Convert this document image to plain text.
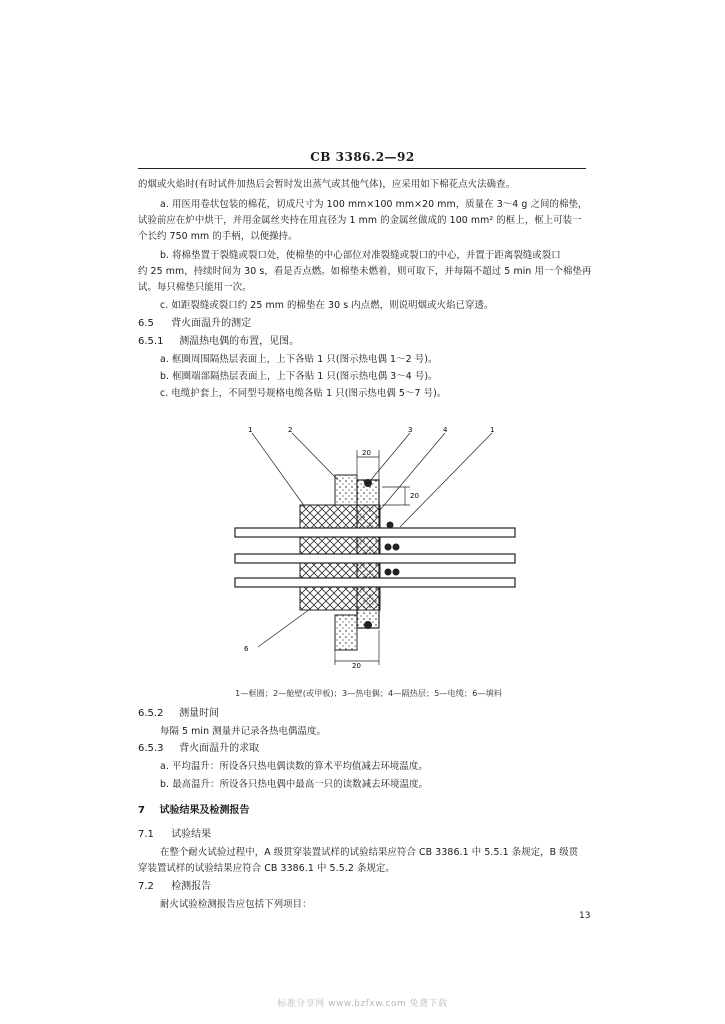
CB 3386.2—92
的烟或火焰时(有时试件加热后会暂时发出蒸气或其他气体)，应采用如下棉花点火法确查。
a. 用医用卷状包装的棉花，切成尺寸为 100 mm×100 mm×20 mm，质量在 3～4 g 之间的棉垫，
试验前应在炉中烘干，并用金属丝夹持在用直径为 1 mm 的金属丝做成的 100 mm² 的框上，框上可装一
个长约 750 mm 的手柄，以便操持。
b. 将棉垫置于裂缝或裂口处，使棉垫的中心部位对准裂缝或裂口的中心，并置于距离裂缝或裂口
约 25 mm，持续时间为 30 s，看是否点燃。如棉垫未燃着，则可取下，并每隔不超过 5 min 用一个棉垫再
试。每只棉垫只能用一次。
c. 如距裂缝或裂口约 25 mm 的棉垫在 30 s 内点燃，则说明烟或火焰已穿透。
6.5 背火面温升的测定
6.5.1 测温热电偶的布置，见图。
a. 框圈周围隔热层表面上，上下各贴 1 只(图示热电偶 1～2 号)。
b. 框圈端部隔热层表面上，上下各贴 1 只(图示热电偶 3～4 号)。
c. 电缆护套上，不同型号规格电缆各贴 1 只(图示热电偶 5～7 号)。
20
20
20
1	2	3	4	1
6
1—框圈；2—舱壁(或甲板)；3—热电偶；4—隔热层；5—电缆；6—填料
6.5.2 测量时间
每隔 5 min 测量并记录各热电偶温度。
6.5.3 背火面温升的求取
a. 平均温升：所设各只热电偶读数的算术平均值减去环境温度。
b. 最高温升：所设各只热电偶中最高一只的读数减去环境温度。
7 试验结果及检测报告
7.1 试验结果
在整个耐火试验过程中，A 级贯穿装置试样的试验结果应符合 CB 3386.1 中 5.5.1 条规定，B 级贯
穿装置试样的试验结果应符合 CB 3386.1 中 5.5.2 条规定。
7.2 检测报告
耐火试验检测报告应包括下列项目：
13
标准分享网 www.bzfxw.com 免费下载
